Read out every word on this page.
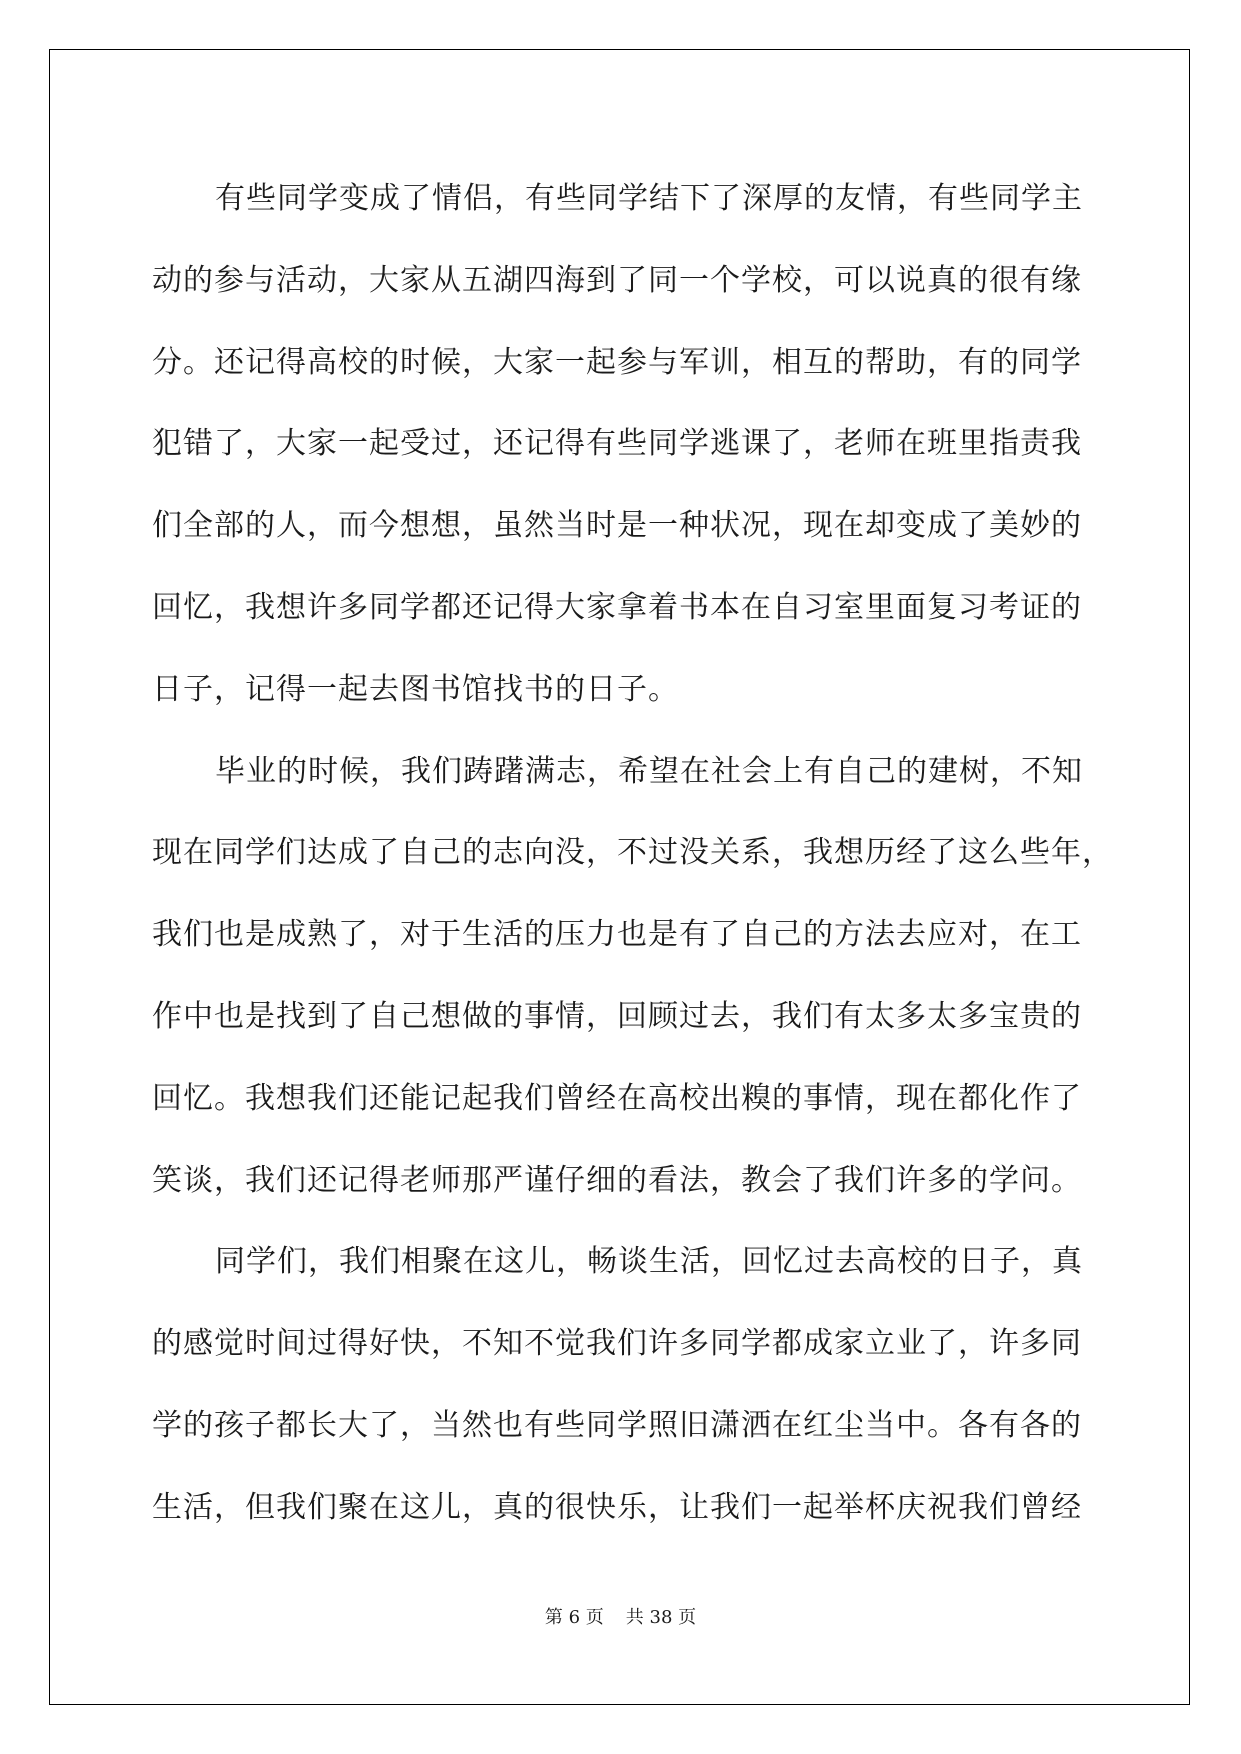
有些同学变成了情侣，有些同学结下了深厚的友情，有些同学主
动的参与活动，大家从五湖四海到了同一个学校，可以说真的很有缘
分。还记得高校的时候，大家一起参与军训，相互的帮助，有的同学
犯错了，大家一起受过，还记得有些同学逃课了，老师在班里指责我
们全部的人，而今想想，虽然当时是一种状况，现在却变成了美妙的
回忆，我想许多同学都还记得大家拿着书本在自习室里面复习考证的
日子，记得一起去图书馆找书的日子。
毕业的时候，我们踌躇满志，希望在社会上有自己的建树，不知
现在同学们达成了自己的志向没，不过没关系，我想历经了这么些年，
我们也是成熟了，对于生活的压力也是有了自己的方法去应对，在工
作中也是找到了自己想做的事情，回顾过去，我们有太多太多宝贵的
回忆。我想我们还能记起我们曾经在高校出糗的事情，现在都化作了
笑谈，我们还记得老师那严谨仔细的看法，教会了我们许多的学问。
同学们，我们相聚在这儿，畅谈生活，回忆过去高校的日子，真
的感觉时间过得好快，不知不觉我们许多同学都成家立业了，许多同
学的孩子都长大了，当然也有些同学照旧潇洒在红尘当中。各有各的
生活，但我们聚在这儿，真的很快乐，让我们一起举杯庆祝我们曾经
第 6 页 共 38 页
